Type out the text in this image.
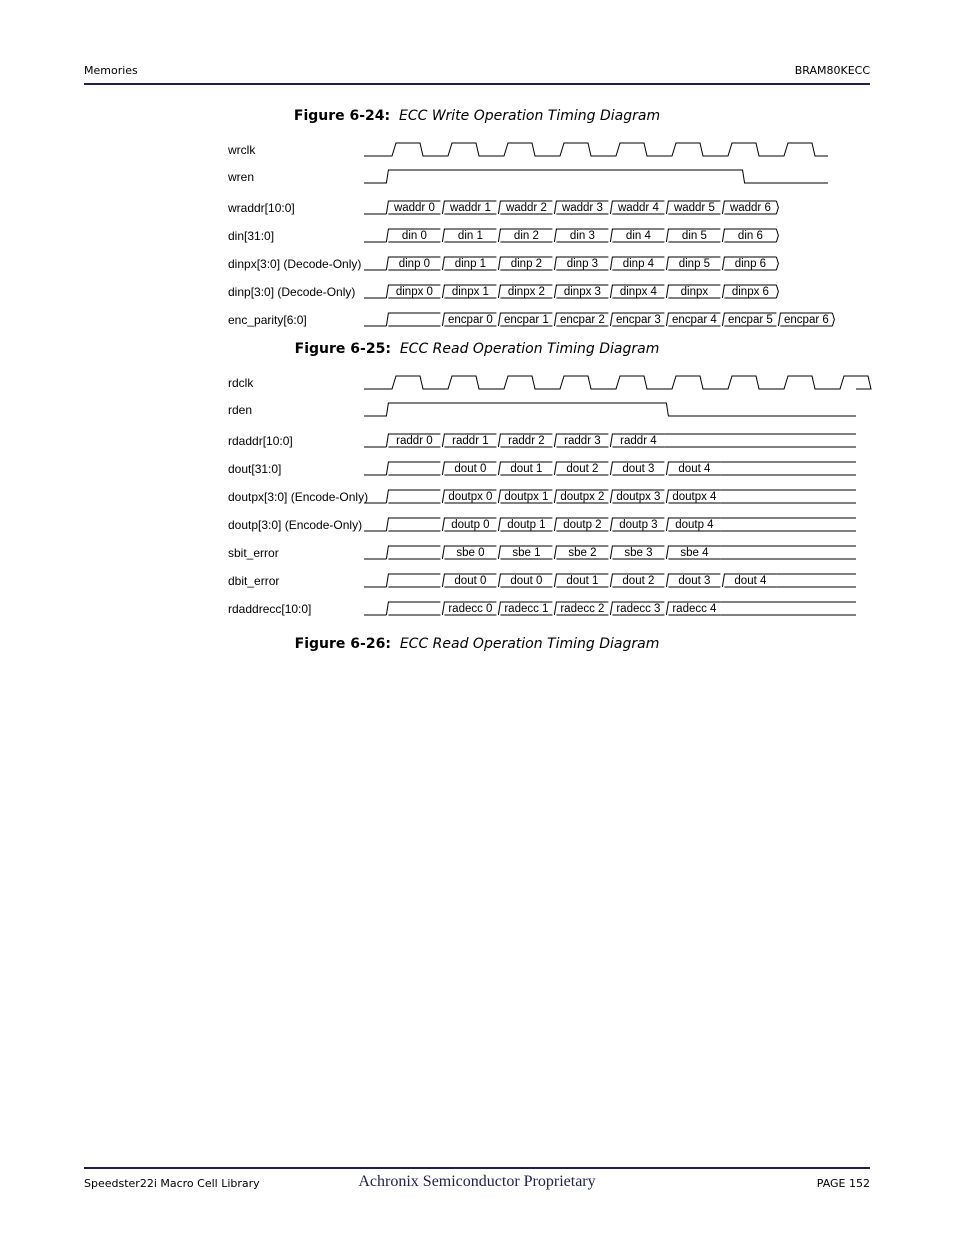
Memories	BRAM80KECC
Figure 6-24: ECC Write Operation Timing Diagram
wrclk
wren
wraddr[10:0]	waddr 0 waddr 1 waddr 2 waddr 3 waddr 4 waddr 5 waddr 6
din[31:0]	din 0	din 1	din 2	din 3	din 4	din 5	din 6
dinpx[3:0] (Decode-Only)	dinp 0 dinp 1 dinp 2 dinp 3 dinp 4 dinp 5 dinp 6
dinp[3:0] (Decode-Only)	dinpx 0 dinpx 1 dinpx 2 dinpx 3 dinpx 4 dinpx dinpx 6
enc_parity[6:0]	encpar 0 encpar 1 encpar 2 encpar 3 encpar 4 encpar 5 encpar 6
Figure 6-25: ECC Read Operation Timing Diagram
rdclk
rden
rdaddr[10:0]	raddr 0 raddr 1 raddr 2 raddr 3 raddr 4
dout[31:0]	dout 0 dout 1 dout 2 dout 3 dout 4
doutpx[3:0] (Encode-Only)	doutpx 0 doutpx 1 doutpx 2 doutpx 3 doutpx 4
doutp[3:0] (Encode-Only)	doutp 0 doutp 1 doutp 2 doutp 3 doutp 4
sbit_error	sbe 0 sbe 1 sbe 2 sbe 3 sbe 4
dbit_error	dout 0 dout 0 dout 1 dout 2 dout 3 dout 4
rdaddrecc[10:0]	radecc 0 radecc 1 radecc 2 radecc 3 radecc 4
Figure 6-26: ECC Read Operation Timing Diagram
Speedster22i Macro Cell Library	Achronix Semiconductor Proprietary	PAGE 152
